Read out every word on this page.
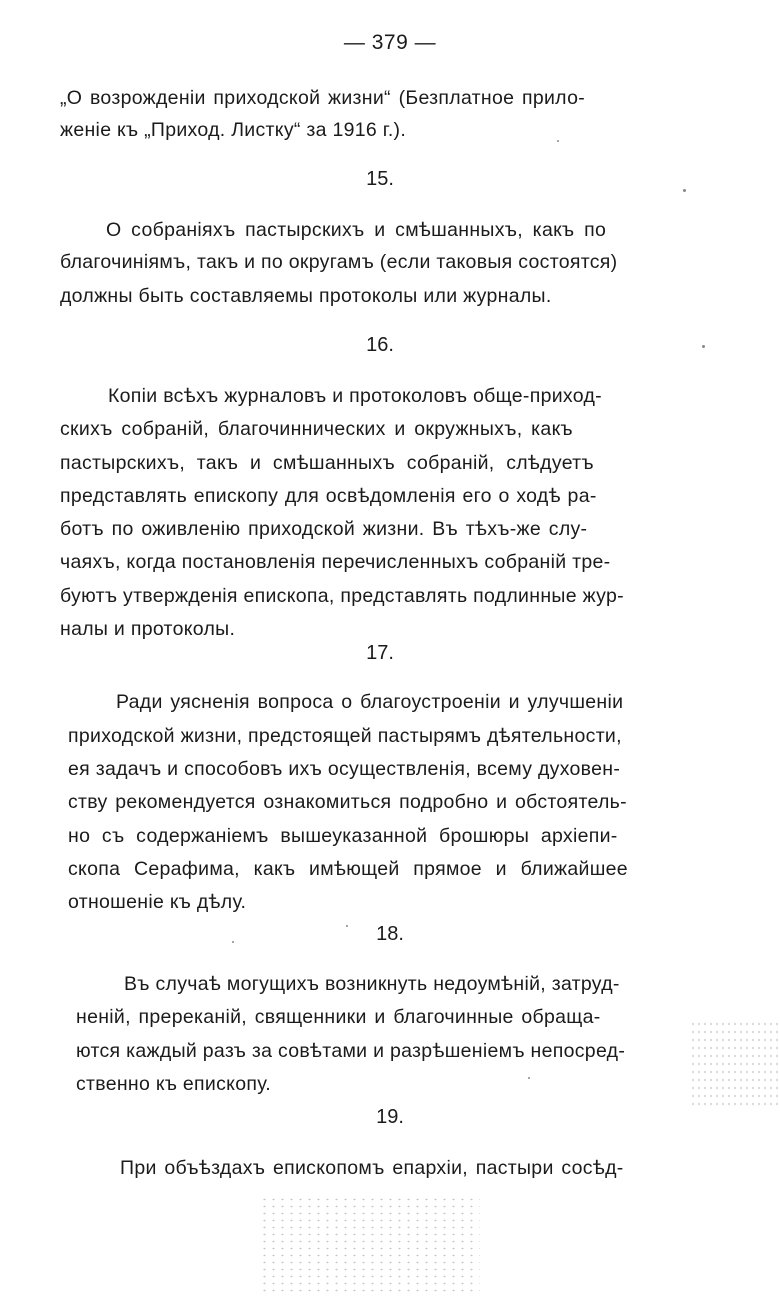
— 379 —
„О возрожденіи приходской жизни“ (Безплатное прило-
женіе къ „Приход. Листку“ за 1916 г.).
15.
О собраніяхъ пастырскихъ и смѣшанныхъ, какъ по
благочиніямъ, такъ и по округамъ (если таковыя состоятся)
должны быть составляемы протоколы или журналы.
16.
Копіи всѣхъ журналовъ и протоколовъ обще-приход-
скихъ собраній, благочиннических и окружныхъ, какъ
пастырскихъ, такъ и смѣшанныхъ собраній, слѣдуетъ
представлять епископу для освѣдомленія его о ходѣ ра-
ботъ по оживленію приходской жизни. Въ тѣхъ-же слу-
чаяхъ, когда постановленія перечисленныхъ собраній тре-
буютъ утвержденія епископа, представлять подлинные жур-
налы и протоколы.
17.
Ради уясненія вопроса о благоустроеніи и улучшеніи
приходской жизни, предстоящей пастырямъ дѣятельности,
ея задачъ и способовъ ихъ осуществленія, всему духовен-
ству рекомендуется ознакомиться подробно и обстоятель-
но съ содержаніемъ вышеуказанной брошюры архіепи-
скопа Серафима, какъ имѣющей прямое и ближайшее
отношеніе къ дѣлу.
18.
Въ случаѣ могущихъ возникнуть недоумѣній, затруд-
неній, пререканій, священники и благочинные обраща-
ются каждый разъ за совѣтами и разрѣшеніемъ непосред-
ственно къ епископу.
19.
При объѣздахъ епископомъ епархіи, пастыри сосѣд-
